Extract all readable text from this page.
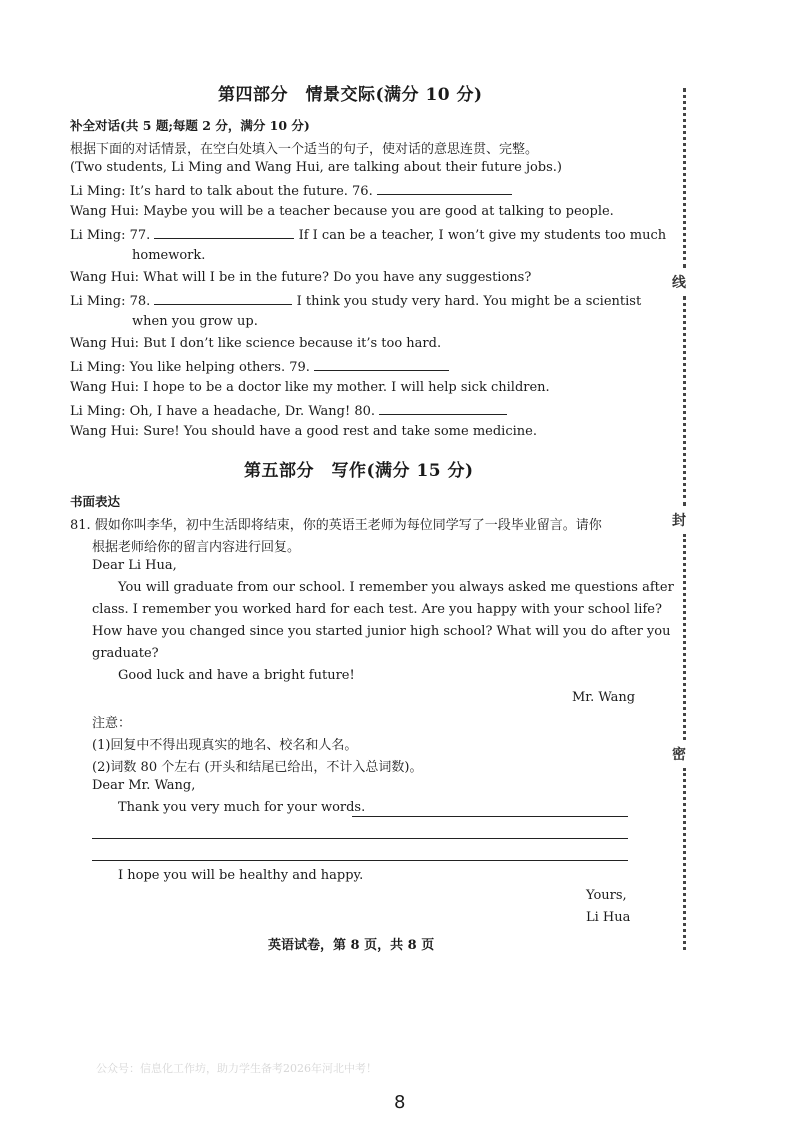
第四部分　情景交际(满分 10 分)
补全对话(共 5 题;每题 2 分，满分 10 分)
根据下面的对话情景，在空白处填入一个适当的句子，使对话的意思连贯、完整。
(Two students, Li Ming and Wang Hui, are talking about their future jobs.)
Li Ming: It’s hard to talk about the future. 76.
Wang Hui: Maybe you will be a teacher because you are good at talking to people.
Li Ming: 77.	If I can be a teacher, I won’t give my students too much
homework.
Wang Hui: What will I be in the future? Do you have any suggestions?
Li Ming: 78.	I think you study very hard. You might be a scientist
when you grow up.
Wang Hui: But I don’t like science because it’s too hard.
Li Ming: You like helping others. 79.
Wang Hui: I hope to be a doctor like my mother. I will help sick children.
Li Ming: Oh, I have a headache, Dr. Wang! 80.
Wang Hui: Sure! You should have a good rest and take some medicine.
第五部分　写作(满分 15 分)
书面表达
81. 假如你叫李华，初中生活即将结束，你的英语王老师为每位同学写了一段毕业留言。请你
根据老师给你的留言内容进行回复。
Dear Li Hua,
You will graduate from our school. I remember you always asked me questions after
class. I remember you worked hard for each test. Are you happy with your school life?
How have you changed since you started junior high school? What will you do after you
graduate?
Good luck and have a bright future!
Mr. Wang
注意：
(1)回复中不得出现真实的地名、校名和人名。
(2)词数 80 个左右 (开头和结尾已给出，不计入总词数)。
Dear Mr. Wang,
Thank you very much for your words.
I hope you will be healthy and happy.
Yours,
Li Hua
英语试卷，第 8 页，共 8 页
公众号：信息化工作坊，助力学生备考2026年河北中考！
8
线
封
密
